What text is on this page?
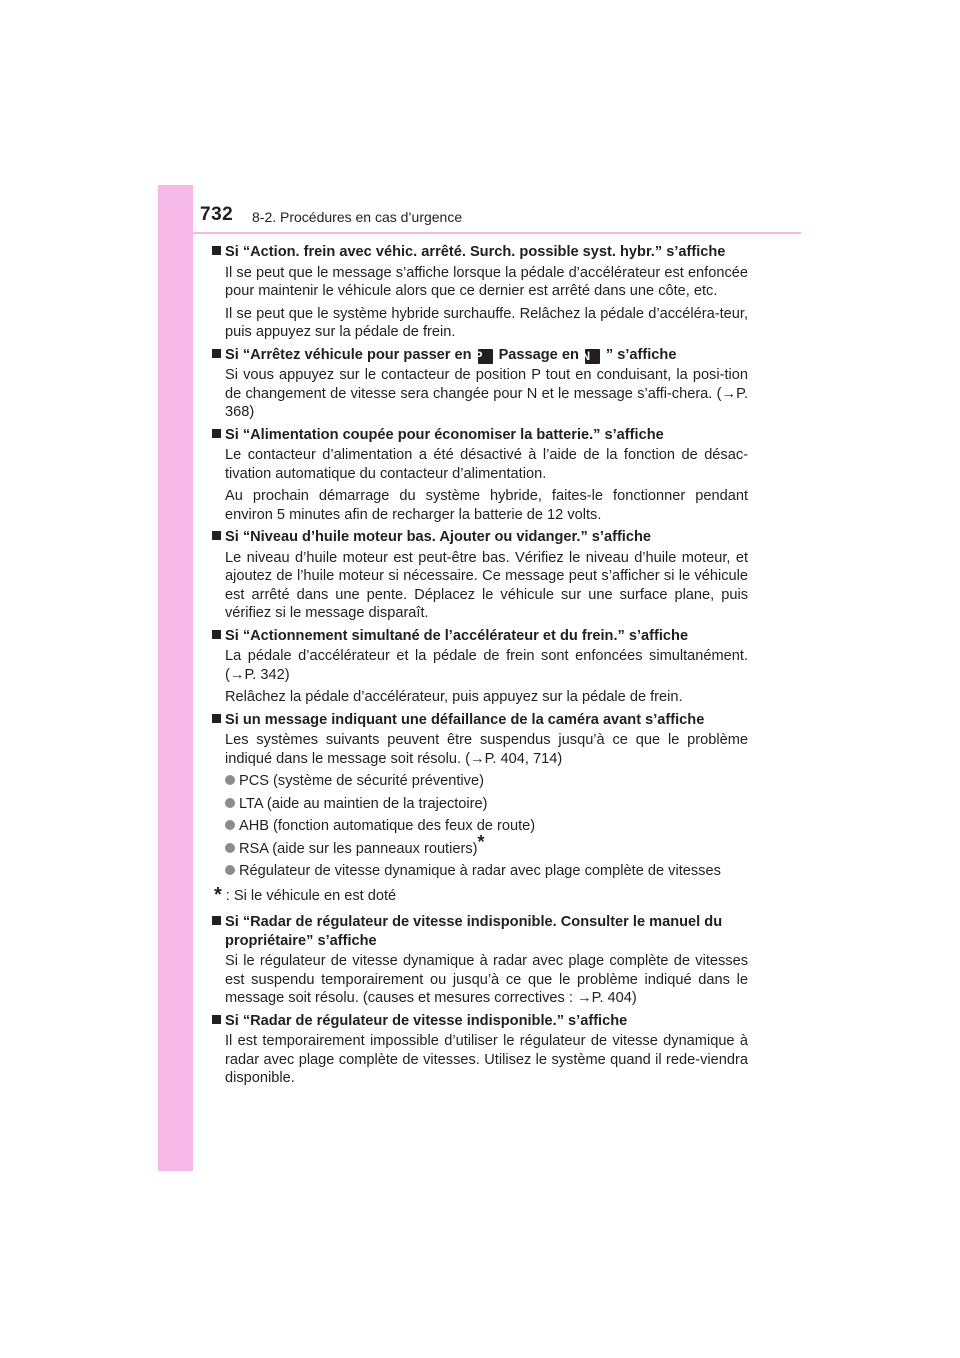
732 8-2. Procédures en cas d’urgence

Si “Action. frein avec véhic. arrêté. Surch. possible syst. hybr.” s’affiche

Il se peut que le message s’affiche lorsque la pédale d’accélérateur est enfoncée pour maintenir le véhicule alors que ce dernier est arrêté dans une côte, etc.

Il se peut que le système hybride surchauffe. Relâchez la pédale d’accéléra-teur, puis appuyez sur la pédale de frein.

Si “Arrêtez véhicule pour passer en P Passage en N ” s’affiche

Si vous appuyez sur le contacteur de position P tout en conduisant, la posi-tion de changement de vitesse sera changée pour N et le message s’affi-chera. (→P. 368)

Si “Alimentation coupée pour économiser la batterie.” s’affiche

Le contacteur d’alimentation a été désactivé à l’aide de la fonction de désac-tivation automatique du contacteur d’alimentation.

Au prochain démarrage du système hybride, faites-le fonctionner pendant environ 5 minutes afin de recharger la batterie de 12 volts.

Si “Niveau d’huile moteur bas. Ajouter ou vidanger.” s’affiche

Le niveau d’huile moteur est peut-être bas. Vérifiez le niveau d’huile moteur, et ajoutez de l’huile moteur si nécessaire. Ce message peut s’afficher si le véhicule est arrêté dans une pente. Déplacez le véhicule sur une surface plane, puis vérifiez si le message disparaît.

Si “Actionnement simultané de l’accélérateur et du frein.” s’affiche

La pédale d’accélérateur et la pédale de frein sont enfoncées simultanément. (→P. 342)

Relâchez la pédale d’accélérateur, puis appuyez sur la pédale de frein.

Si un message indiquant une défaillance de la caméra avant s’affiche

Les systèmes suivants peuvent être suspendus jusqu’à ce que le problème indiqué dans le message soit résolu. (→P. 404, 714)

PCS (système de sécurité préventive)

LTA (aide au maintien de la trajectoire)

AHB (fonction automatique des feux de route)

RSA (aide sur les panneaux routiers)*

Régulateur de vitesse dynamique à radar avec plage complète de vitesses

* : Si le véhicule en est doté

Si “Radar de régulateur de vitesse indisponible. Consulter le manuel du propriétaire” s’affiche

Si le régulateur de vitesse dynamique à radar avec plage complète de vitesses est suspendu temporairement ou jusqu’à ce que le problème indiqué dans le message soit résolu. (causes et mesures correctives : →P. 404)

Si “Radar de régulateur de vitesse indisponible.” s’affiche

Il est temporairement impossible d’utiliser le régulateur de vitesse dynamique à radar avec plage complète de vitesses. Utilisez le système quand il rede-viendra disponible.
